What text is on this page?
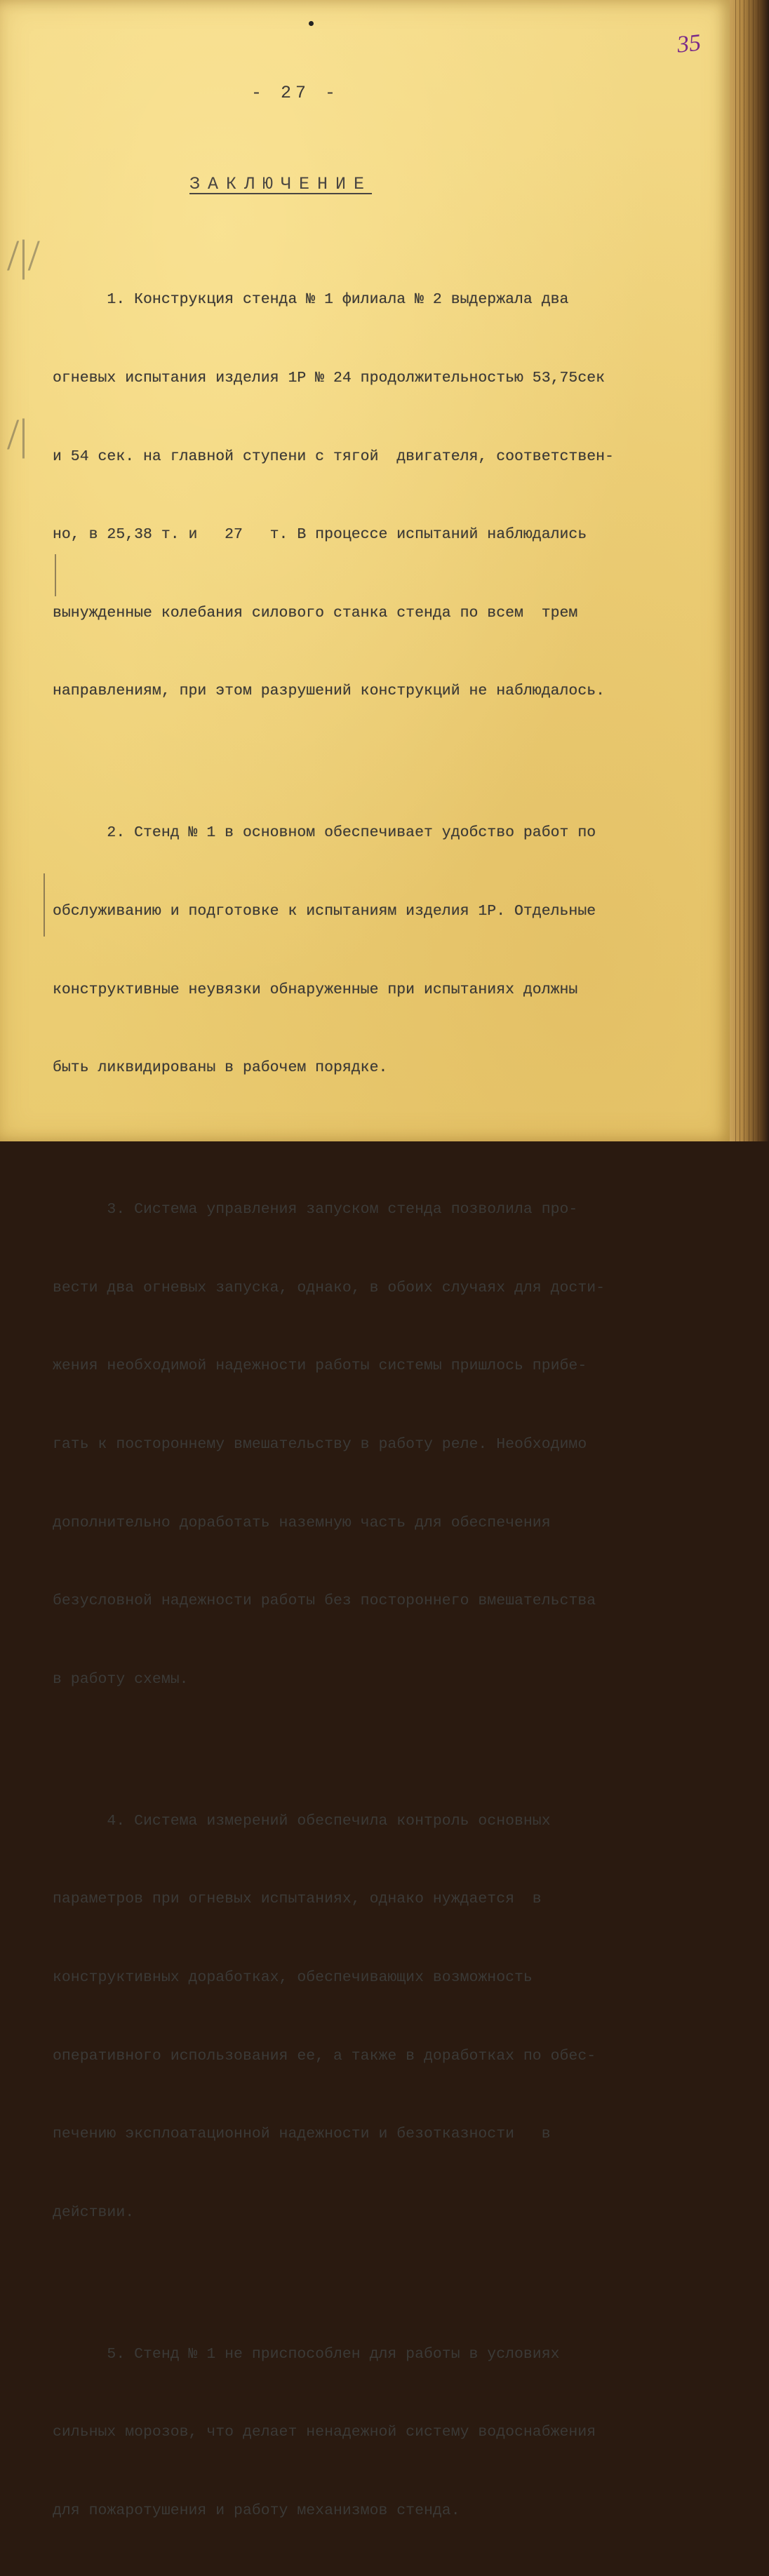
35
- 27 -
ЗАКЛЮЧЕНИЕ
/|/
/|

1. Конструкция стенда № 1 филиала № 2 выдержала два

огневых испытания изделия 1Р № 24 продолжительностью 53,75сек

и 54 сек. на главной ступени с тягой  двигателя, соответствен-

но, в 25,38 т. и   27   т. В процессе испытаний наблюдались

вынужденные колебания силового станка стенда по всем  трем

направлениям, при этом разрушений конструкций не наблюдалось.

2. Стенд № 1 в основном обеспечивает удобство работ по

обслуживанию и подготовке к испытаниям изделия 1Р. Отдельные

конструктивные неувязки обнаруженные при испытаниях должны

быть ликвидированы в рабочем порядке.

3. Система управления запуском стенда позволила про-

вести два огневых запуска, однако, в обоих случаях для дости-

жения необходимой надежности работы системы пришлось прибе-

гать к постороннему вмешательству в работу реле. Необходимо

дополнительно доработать наземную часть для обеспечения

безусловной надежности работы без постороннего вмешательства

в работу схемы.

4. Система измерений обеспечила контроль основных

параметров при огневых испытаниях, однако нуждается  в

конструктивных доработках, обеспечивающих возможность

оперативного использования ее, а также в доработках по обес-

печению эксплоатационной надежности и безотказности   в

действии.

5. Стенд № 1 не приспособлен для работы в условиях

сильных морозов, что делает ненадежной систему водоснабжения

для пожаротушения и работу механизмов стенда.
